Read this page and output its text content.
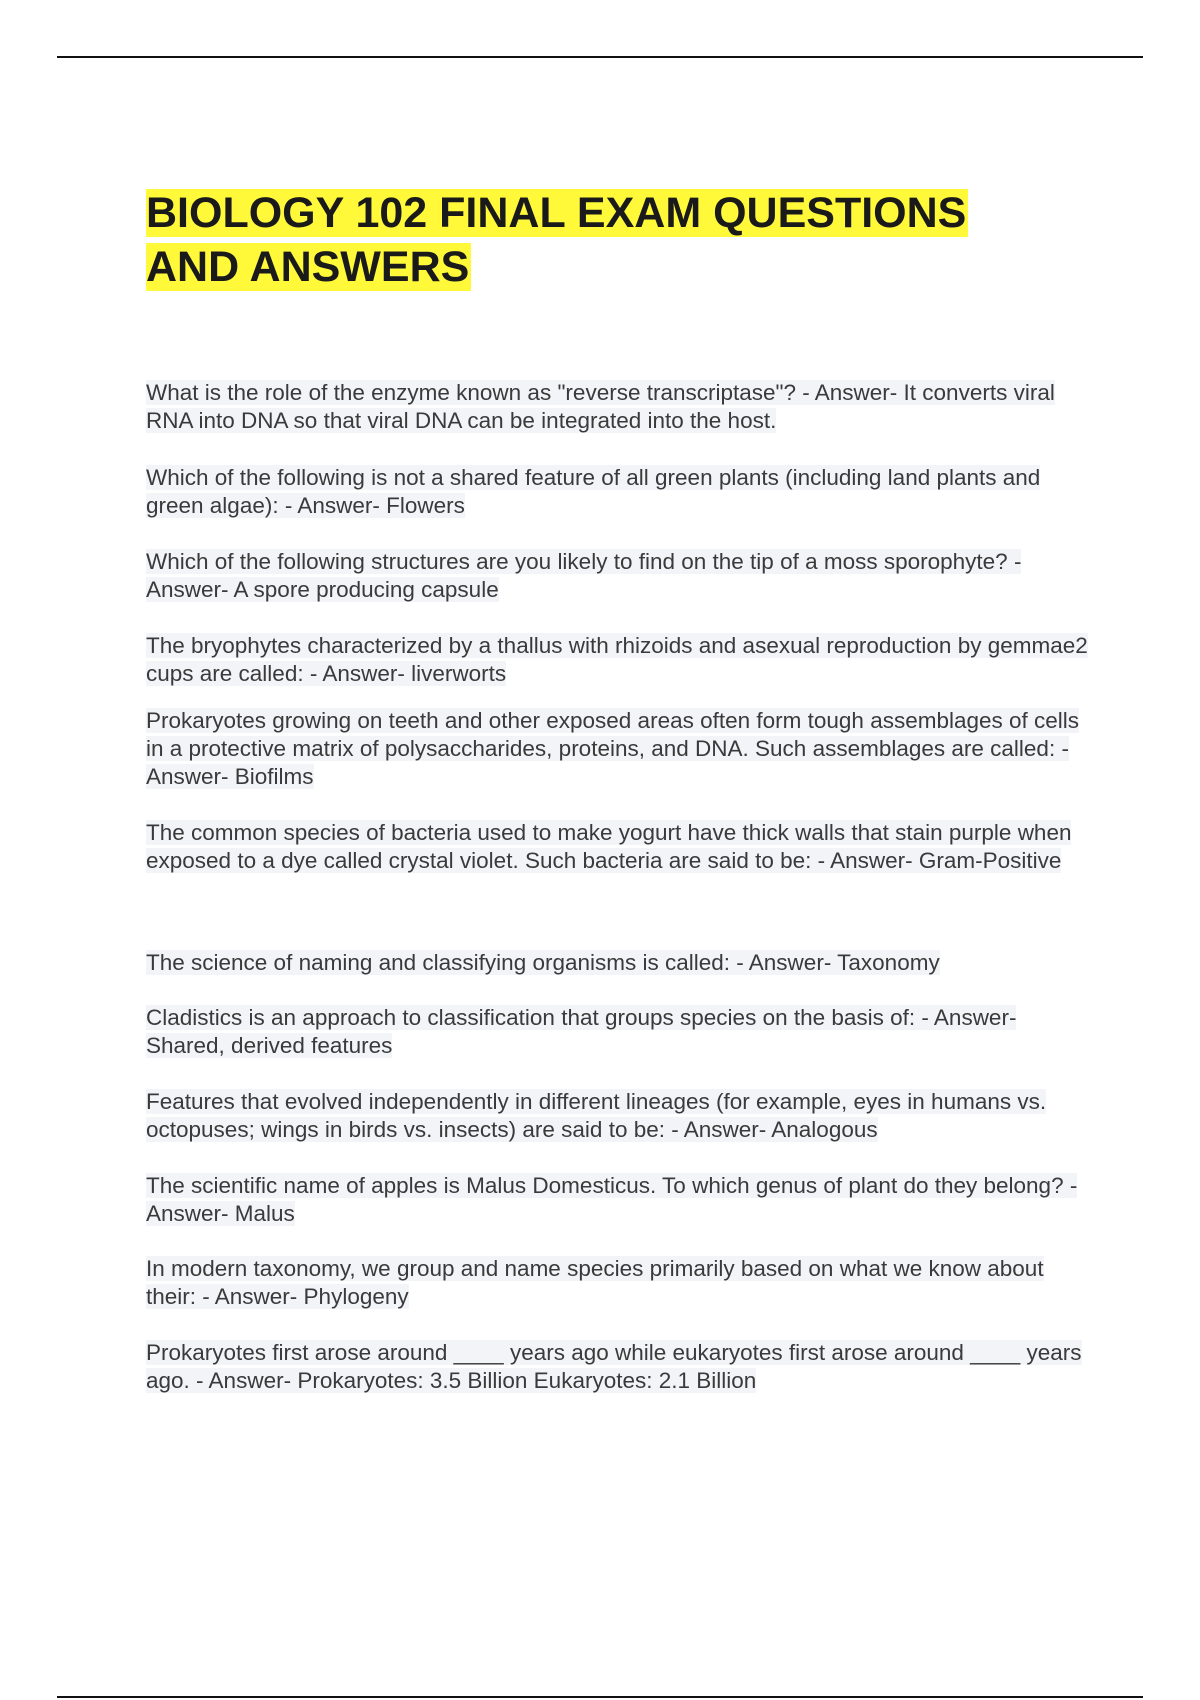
BIOLOGY 102 FINAL EXAM QUESTIONS AND ANSWERS

What is the role of the enzyme known as "reverse transcriptase"? - Answer- It converts viral RNA into DNA so that viral DNA can be integrated into the host.

Which of the following is not a shared feature of all green plants (including land plants and green algae): - Answer- Flowers

Which of the following structures are you likely to find on the tip of a moss sporophyte? - Answer- A spore producing capsule

The bryophytes characterized by a thallus with rhizoids and asexual reproduction by gemmae2 cups are called: - Answer- liverworts

Prokaryotes growing on teeth and other exposed areas often form tough assemblages of cells in a protective matrix of polysaccharides, proteins, and DNA. Such assemblages are called: - Answer- Biofilms

The common species of bacteria used to make yogurt have thick walls that stain purple when exposed to a dye called crystal violet. Such bacteria are said to be: - Answer- Gram-Positive

The science of naming and classifying organisms is called: - Answer- Taxonomy

Cladistics is an approach to classification that groups species on the basis of: - Answer- Shared, derived features

Features that evolved independently in different lineages (for example, eyes in humans vs. octopuses; wings in birds vs. insects) are said to be: - Answer- Analogous

The scientific name of apples is Malus Domesticus. To which genus of plant do they belong? - Answer- Malus

In modern taxonomy, we group and name species primarily based on what we know about their: - Answer- Phylogeny

Prokaryotes first arose around ____ years ago while eukaryotes first arose around ____ years ago. - Answer- Prokaryotes: 3.5 Billion Eukaryotes: 2.1 Billion
